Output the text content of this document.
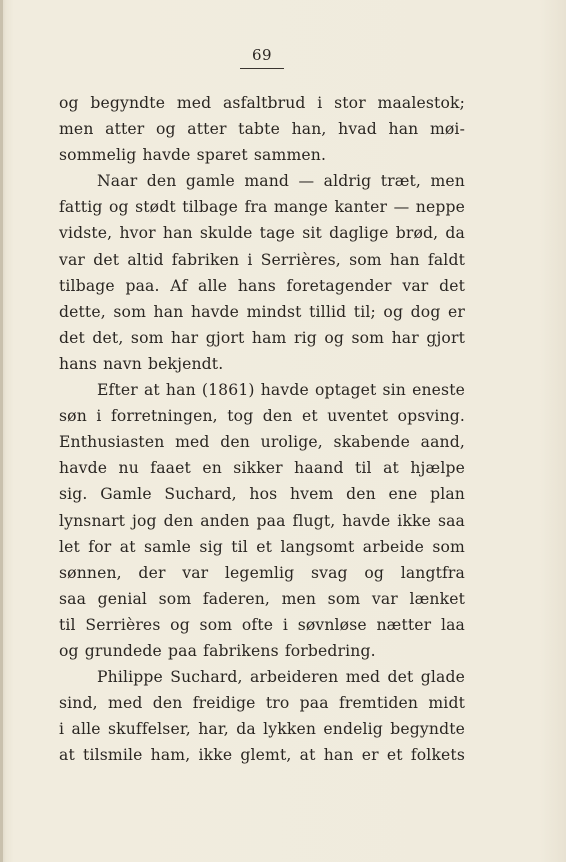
69
og begyndte med asfaltbrud i stor maalestok;
men atter og atter tabte han, hvad han møi-
sommelig havde sparet sammen.
Naar den gamle mand — aldrig træt, men
fattig og stødt tilbage fra mange kanter — neppe
vidste, hvor han skulde tage sit daglige brød, da
var det altid fabriken i Serrières, som han faldt
tilbage paa. Af alle hans foretagender var det
dette, som han havde mindst tillid til; og dog er
det det, som har gjort ham rig og som har gjort
hans navn bekjendt.
Efter at han (1861) havde optaget sin eneste
søn i forretningen, tog den et uventet opsving.
Enthusiasten med den urolige, skabende aand,
havde nu faaet en sikker haand til at hjælpe
sig. Gamle Suchard, hos hvem den ene plan
lynsnart jog den anden paa flugt, havde ikke saa
let for at samle sig til et langsomt arbeide som
sønnen, der var legemlig svag og langtfra
saa genial som faderen, men som var lænket
til Serrières og som ofte i søvnløse nætter laa
og grundede paa fabrikens forbedring.
Philippe Suchard, arbeideren med det glade
sind, med den freidige tro paa fremtiden midt
i alle skuffelser, har, da lykken endelig begyndte
at tilsmile ham, ikke glemt, at han er et folkets
